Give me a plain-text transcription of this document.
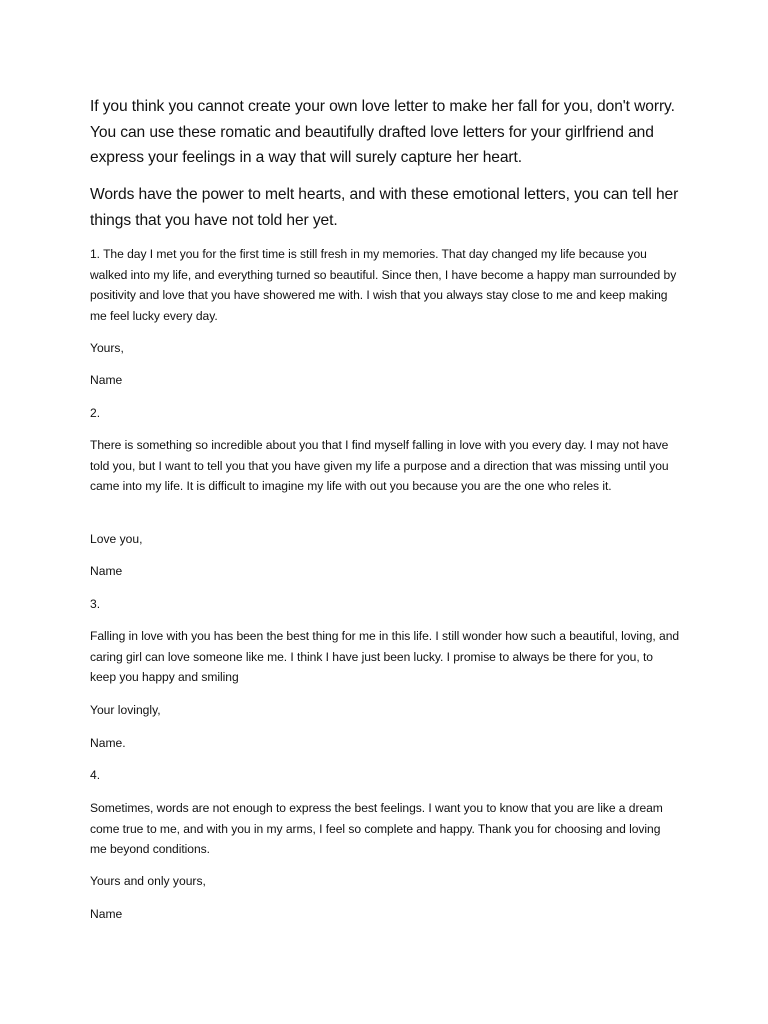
If you think you cannot create your own love letter to make her fall for you, don't worry. You can use these romatic and beautifully drafted love letters for your girlfriend and express your feelings in a way that will surely capture her heart.

Words have the power to melt hearts, and with these emotional letters, you can tell her things that you have not told her yet.

1. The day I met you for the first time is still fresh in my memories. That day changed my life because you walked into my life, and everything turned so beautiful. Since then, I have become a happy man surrounded by positivity and love that you have showered me with. I wish that you always stay close to me and keep making me feel lucky every day.

Yours,

Name

2.

There is something so incredible about you that I find myself falling in love with you every day. I may not have told you, but I want to tell you that you have given my life a purpose and a direction that was missing until you came into my life. It is difficult to imagine my life with out you because you are the one who reles it.

Love you,

Name

3.

Falling in love with you has been the best thing for me in this life. I still wonder how such a beautiful, loving, and caring girl can love someone like me. I think I have just been lucky. I promise to always be there for you, to keep you happy and smiling

Your lovingly,

Name.

4.

Sometimes, words are not enough to express the best feelings. I want you to know that you are like a dream come true to me, and with you in my arms, I feel so complete and happy. Thank you for choosing and loving me beyond conditions.

Yours and only yours,

Name
